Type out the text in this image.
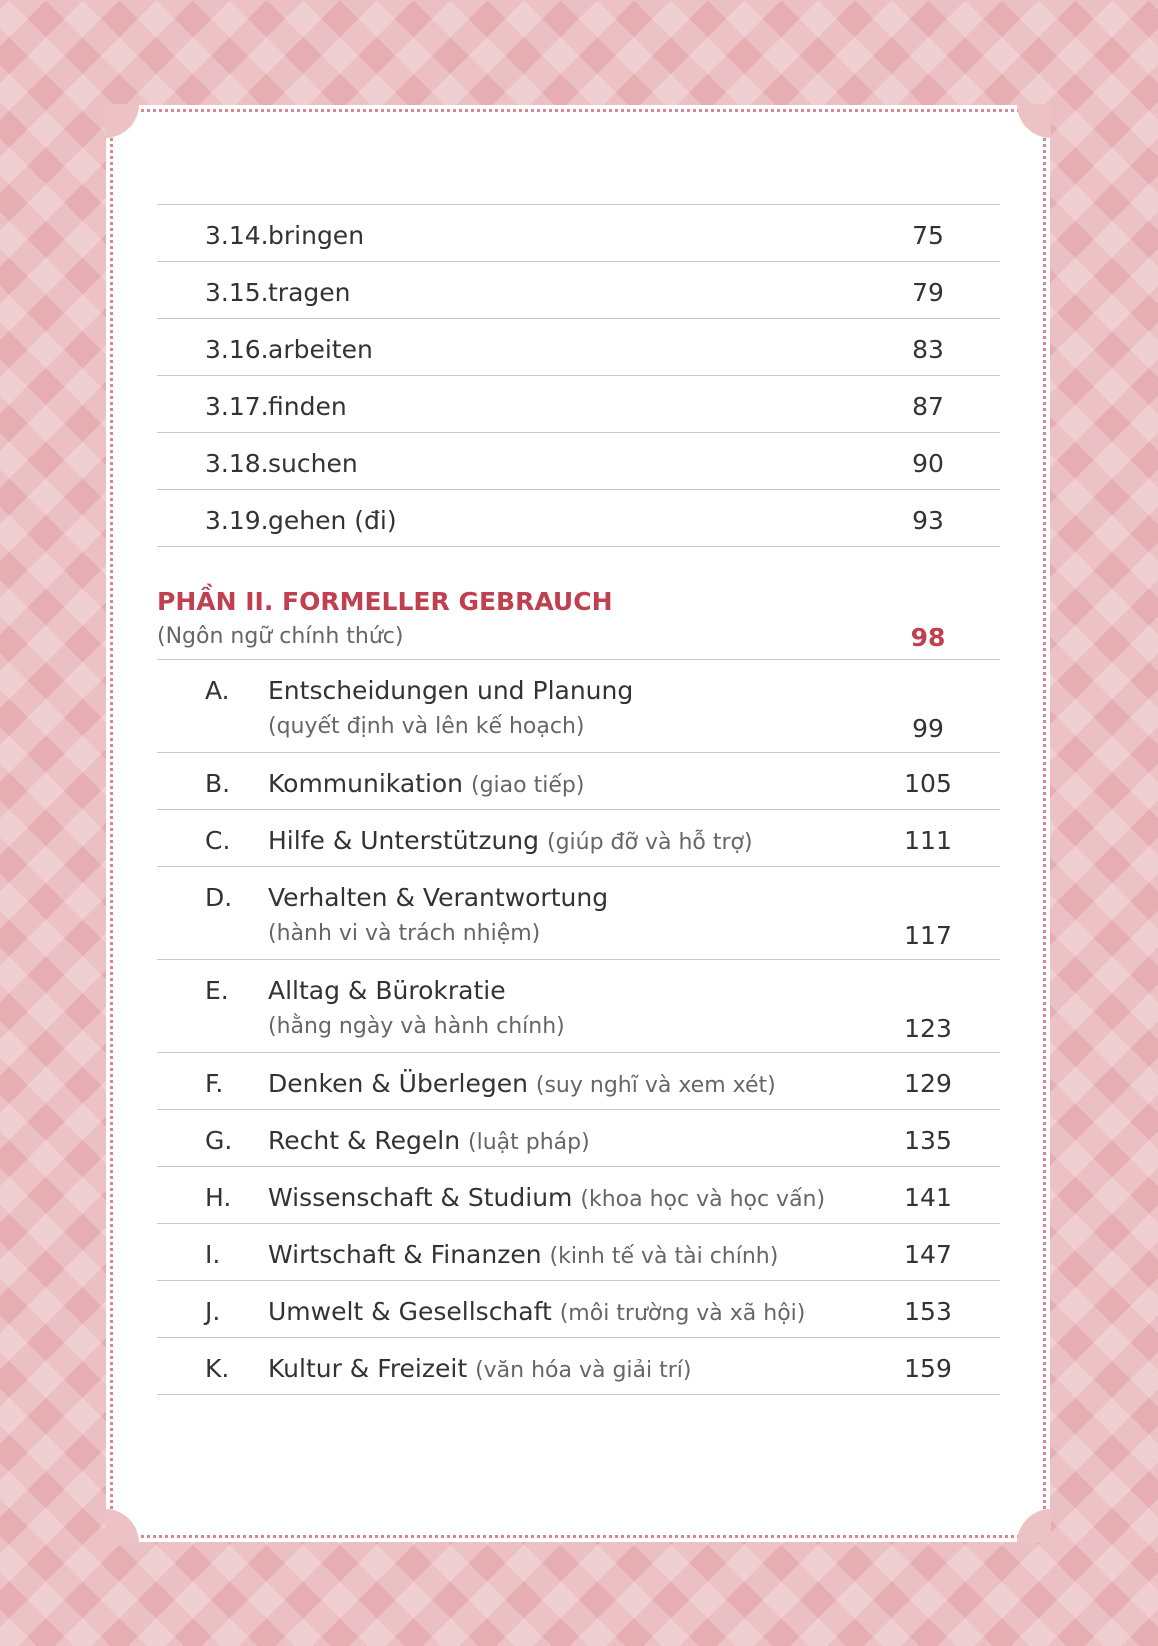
3.14. bringen	75
3.15. tragen	79
3.16. arbeiten	83
3.17. finden	87
3.18. suchen	90
3.19. gehen (đi)	93
PHẦN II. FORMELLER GEBRAUCH
(Ngôn ngữ chính thức)	98
A. Entscheidungen und Planung
(quyết định và lên kế hoạch)	99
B. Kommunikation (giao tiếp)	105
C. Hilfe & Unterstützung (giúp đỡ và hỗ trợ)	111
D. Verhalten & Verantwortung
(hành vi và trách nhiệm)	117
E. Alltag & Bürokratie
(hằng ngày và hành chính)	123
F. Denken & Überlegen (suy nghĩ và xem xét)	129
G. Recht & Regeln (luật pháp)	135
H. Wissenschaft & Studium (khoa học và học vấn)	141
I. Wirtschaft & Finanzen (kinh tế và tài chính)	147
J. Umwelt & Gesellschaft (môi trường và xã hội)	153
K. Kultur & Freizeit (văn hóa và giải trí)	159
